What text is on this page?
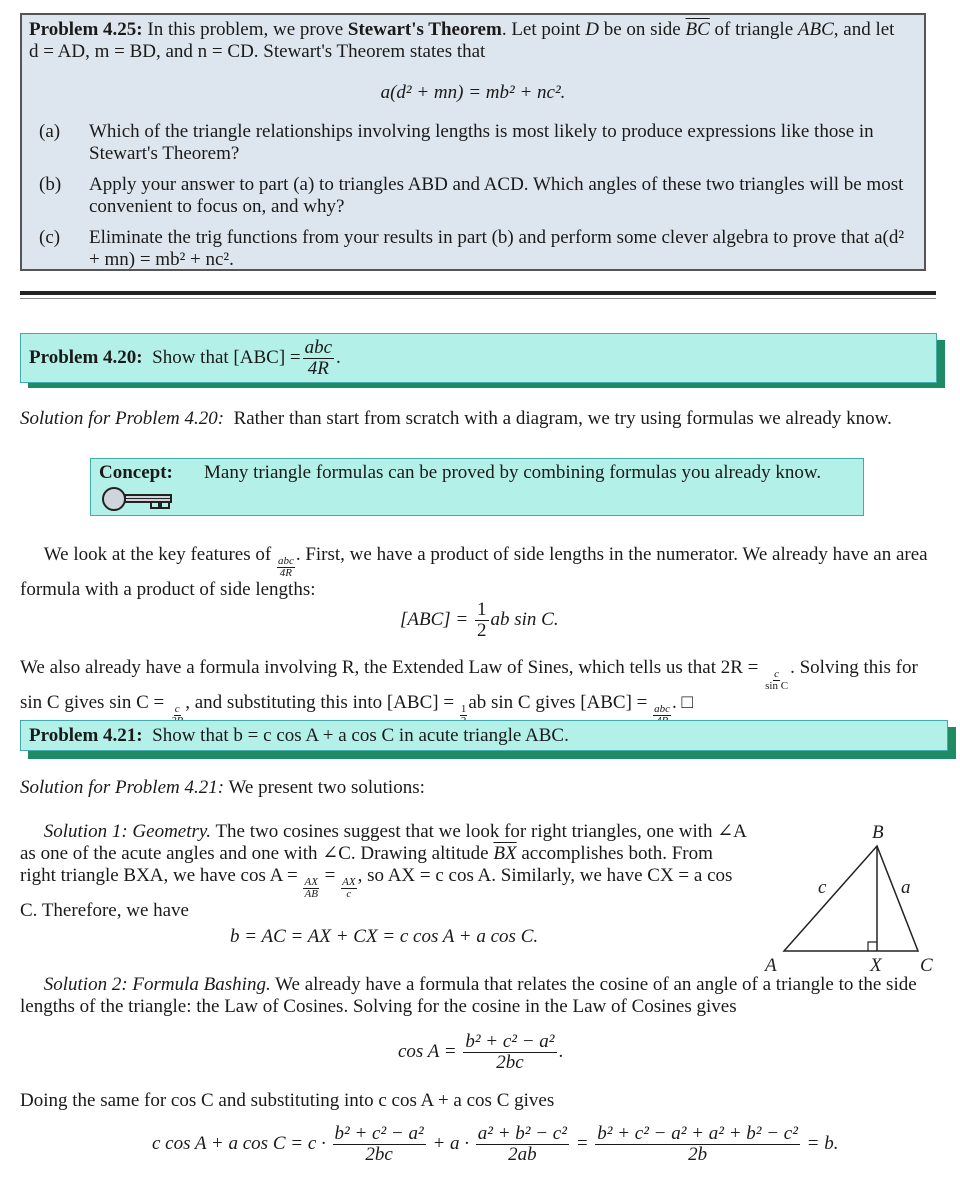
Problem 4.25: In this problem, we prove Stewart's Theorem. Let point D be on side $\overline{BC}$ of triangle ABC, and let
d = AD, m = BD, and n = CD. Stewart's Theorem states that
a(d² + mn) = mb² + nc².
(a)	Which of the triangle relationships involving lengths is most likely to produce expressions like those in Stewart's Theorem?
(b)	Apply your answer to part (a) to triangles ABD and ACD. Which angles of these two triangles will be most convenient to focus on, and why?
(c)	Eliminate the trig functions from your results in part (b) and perform some clever algebra to prove that a(d² + mn) = mb² + nc².
Problem 4.20:
Show that $[ABC] = \frac{\text{abc}}{4R}$ .
Solution for Problem 4.20: Rather than start from scratch with a diagram, we try using formulas we already know.
Concept: Many triangle formulas can be proved by combining formulas you already know.
We look at the key features of
$\frac{\text{abc}}{4R}$
. First, we have a product of side lengths in the numerator. We already have an area formula with a product of side lengths:
$[ABC] = \frac{1}{2}$ ab sin C.
We also already have a formula involving R, the Extended Law of Sines, which tells us that 2R =
$\frac{c}{\text{sin C}}$
. Solving this for sin C gives sin C = c , and substituting this into [ABC] = 1 ab sin C gives [ABC] = abc . □
Problem 4.21:
Show that b = c cos A + a cos C in acute triangle ABC.
Solution for Problem 4.21: We present two solutions:
Solution 1: Geometry. The two cosines suggest that we look for right triangles, one with ∠A as one of the acute angles and one with ∠C. Drawing altitude $\overline{BX}$ accomplishes both. From right triangle BXA, we have cos A =
$\frac{AX}{AB}$
=
$\frac{AX}{c}$
, so AX = c cos A. Similarly, we have CX = a cos C. Therefore, we have
b = AC = AX + CX = c cos A + a cos C.
B
A	X C
c	a
Solution 2: Formula Bashing. We already have a formula that relates the cosine of an angle of a triangle to the side lengths of the triangle: the Law of Cosines. Solving for the cosine in the Law of Cosines gives
$\cos A = \frac{\text{b² + c² − a²}}{2bc}$ .
Doing the same for cos C and substituting into c cos A + a cos C gives
c cos A + a $\cos C = c \cdot \frac{\text{b² + c² − a²}}{2bc} + a \cdot \frac{\text{a² + b² − c²}}{2ab} = \frac{\text{b² + c² − a² + a² + b² − c²}}{2b} = b$.
